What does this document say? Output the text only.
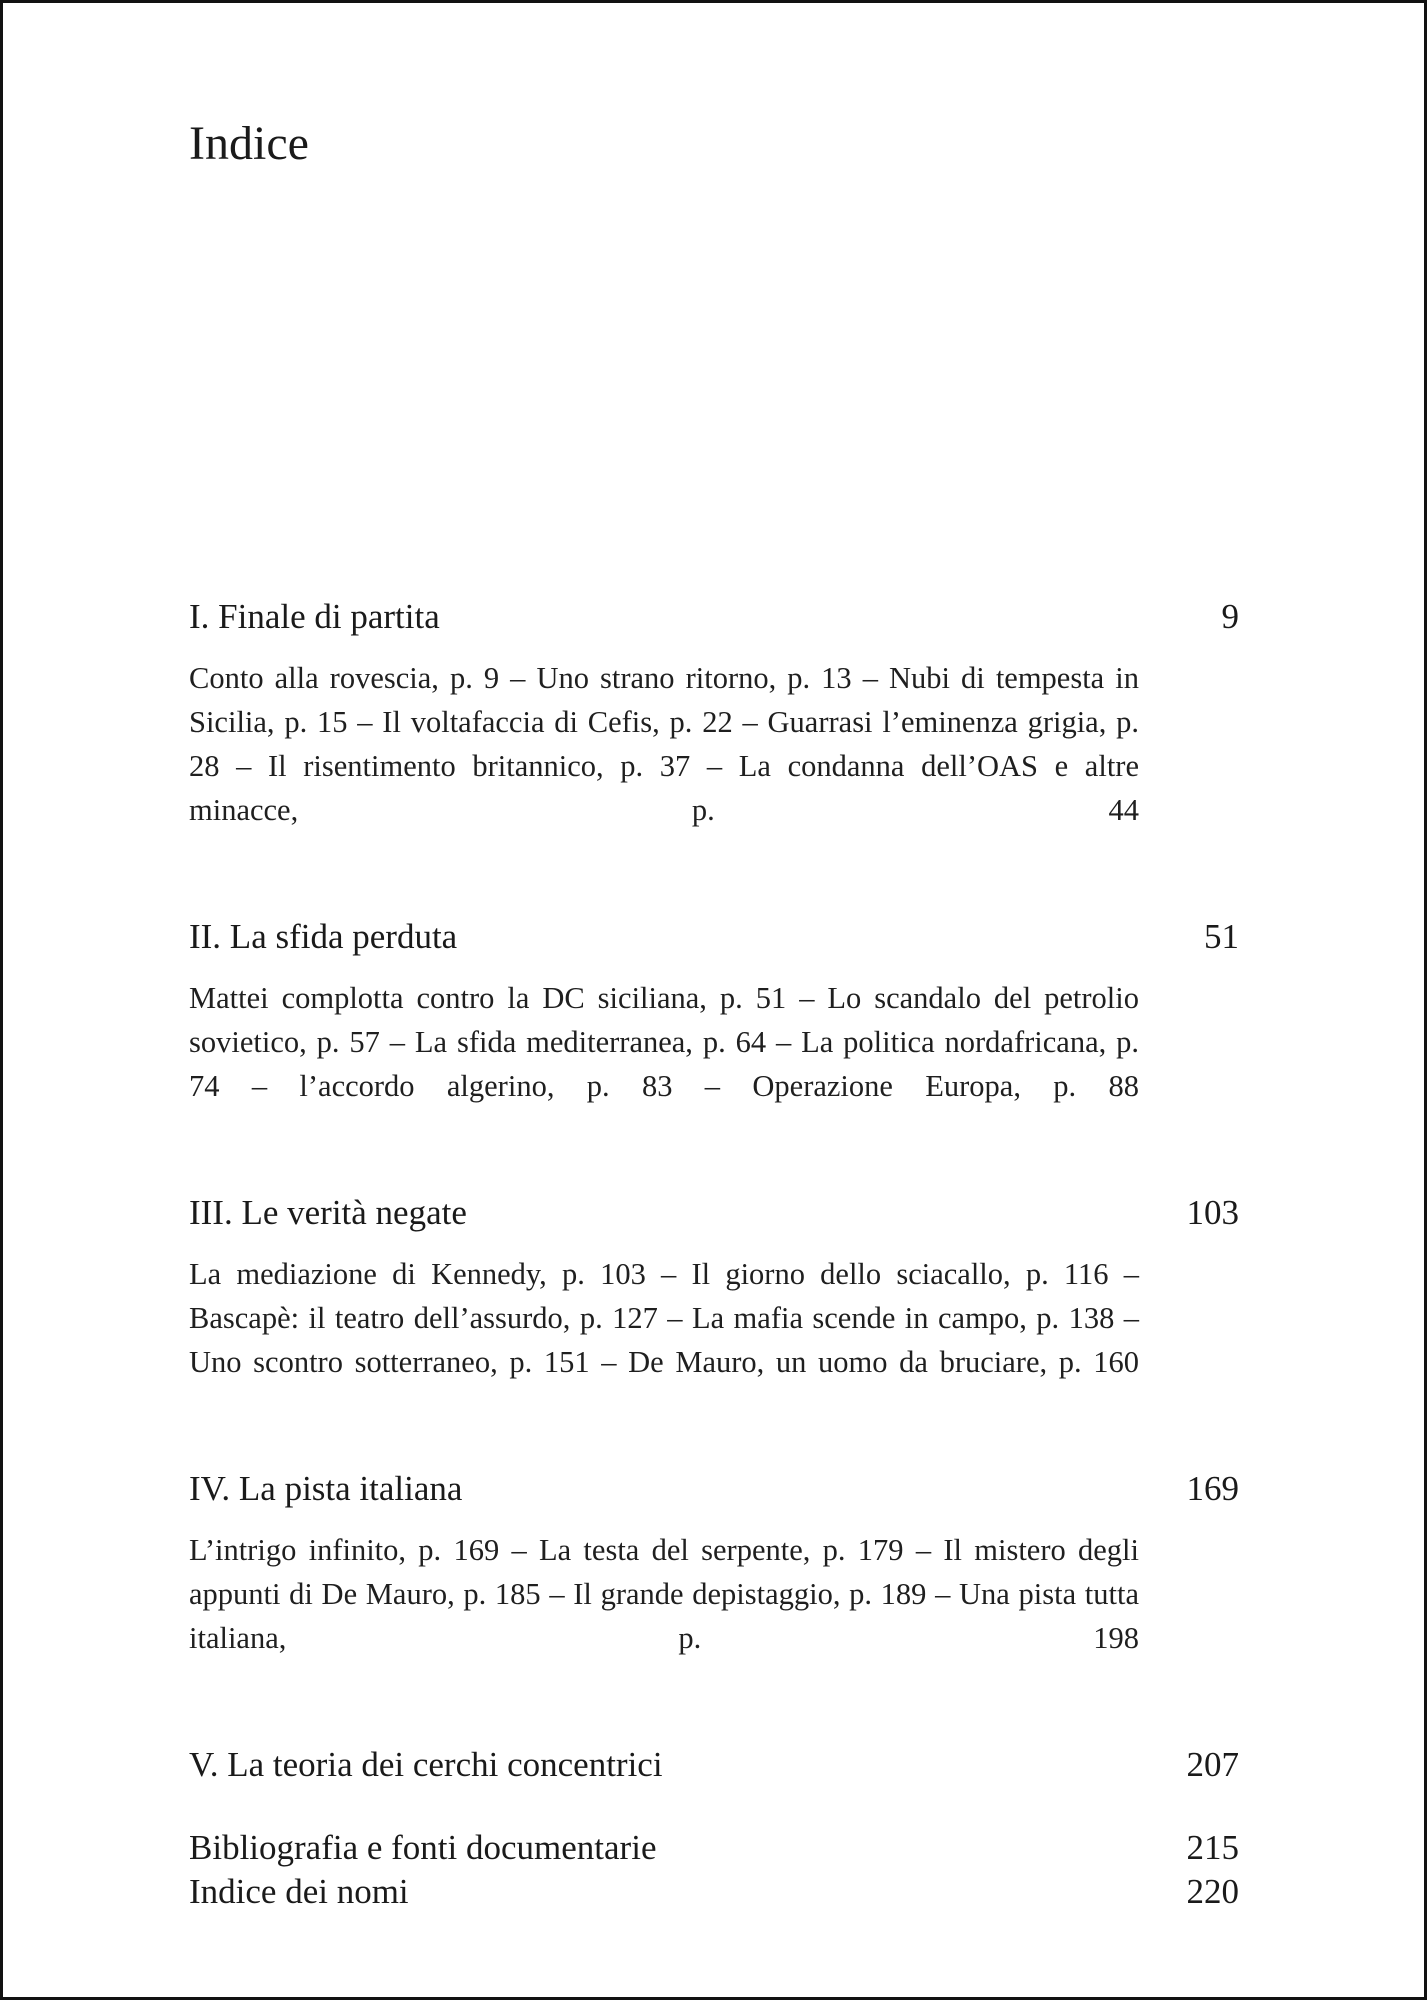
Indice
I. Finale di partita	9
Conto alla rovescia, p. 9 – Uno strano ritorno, p. 13 – Nubi di tempesta in Sicilia, p. 15 – Il voltafaccia di Cefis, p. 22 – Guarrasi l’eminenza grigia, p. 28 – Il risentimento britannico, p. 37 – La condanna dell’OAS e altre minacce, p. 44
II. La sfida perduta	51
Mattei complotta contro la DC siciliana, p. 51 – Lo scandalo del petrolio sovietico, p. 57 – La sfida mediterranea, p. 64 – La politica nordafricana, p. 74 – l’accordo algerino, p. 83 – Operazione Europa, p. 88
III. Le verità negate	103
La mediazione di Kennedy, p. 103 – Il giorno dello sciacallo, p. 116 – Bascapè: il teatro dell’assurdo, p. 127 – La mafia scende in campo, p. 138 – Uno scontro sotterraneo, p. 151 – De Mauro, un uomo da bruciare, p. 160
IV. La pista italiana	169
L’intrigo infinito, p. 169 – La testa del serpente, p. 179 – Il mistero degli appunti di De Mauro, p. 185 – Il grande depistaggio, p. 189 – Una pista tutta italiana, p. 198
V. La teoria dei cerchi concentrici	207
Bibliografia e fonti documentarie	215
Indice dei nomi	220
